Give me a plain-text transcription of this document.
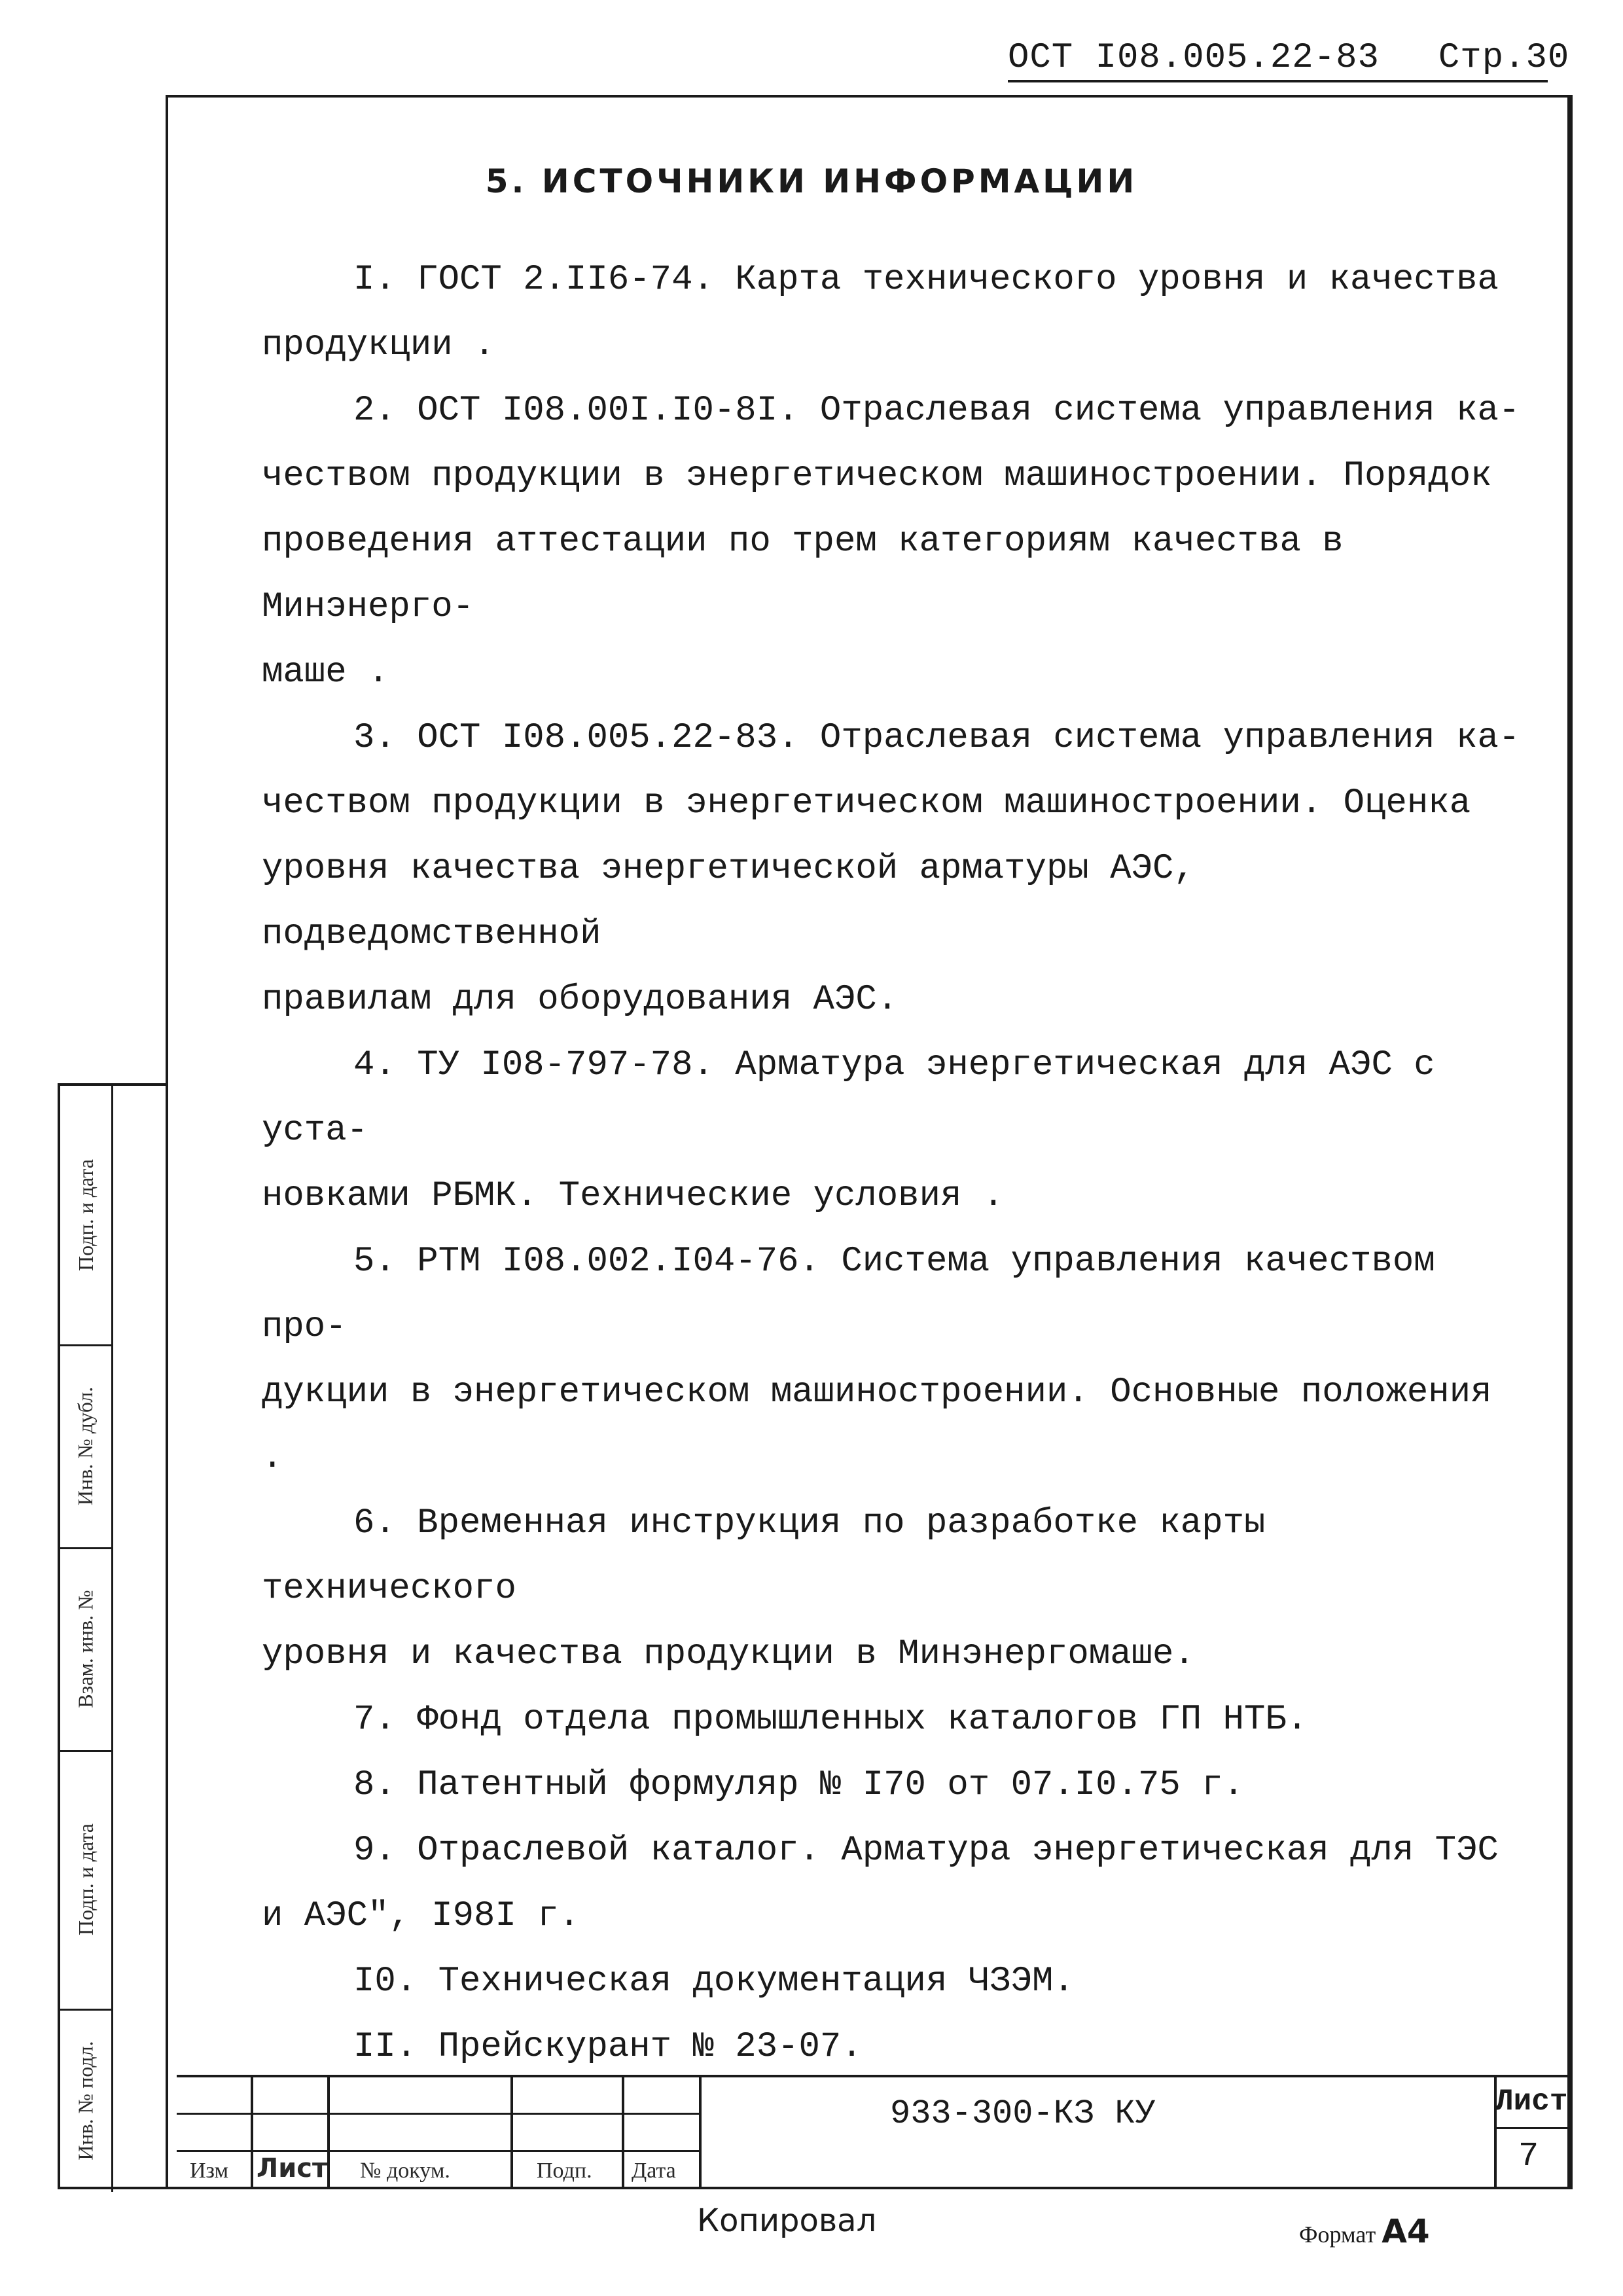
ОСТ I08.005.22-83 Стр.30
5. ИСТОЧНИКИ ИНФОРМАЦИИ
I. ГОСТ 2.II6-74. Карта технического уровня и качества
продукции .
2. ОСТ I08.00I.I0-8I. Отраслевая система управления ка-
чеством продукции в энергетическом машиностроении. Порядок
проведения аттестации по трем категориям качества в Минэнерго-
маше .
3. ОСТ I08.005.22-83. Отраслевая система управления ка-
чеством продукции в энергетическом машиностроении. Оценка
уровня качества энергетической арматуры АЭС, подведомственной
правилам для оборудования АЭС.
4. ТУ I08-797-78. Арматура энергетическая для АЭС с уста-
новками РБМК. Технические условия .
5. РТМ I08.002.I04-76. Система управления качеством про-
дукции в энергетическом машиностроении. Основные положения .
6. Временная инструкция по разработке карты технического
уровня и качества продукции в Минэнергомаше.
7. Фонд отдела промышленных каталогов ГП НТБ.
8. Патентный формуляр № I70 от 07.I0.75 г.
9. Отраслевой каталог. Арматура энергетическая для ТЭС
и АЭС", I98I г.
I0. Техническая документация ЧЗЭМ.
II. Прейскурант № 23-07.
Подп. и дата
Инв. № дубл.
Взам. инв. №
Подп. и дата
Инв. № подл.
Изм Лист № докум.	Подп. Дата
933-300-КЗ КУ	Лист
7
Копировал	Формат А4
